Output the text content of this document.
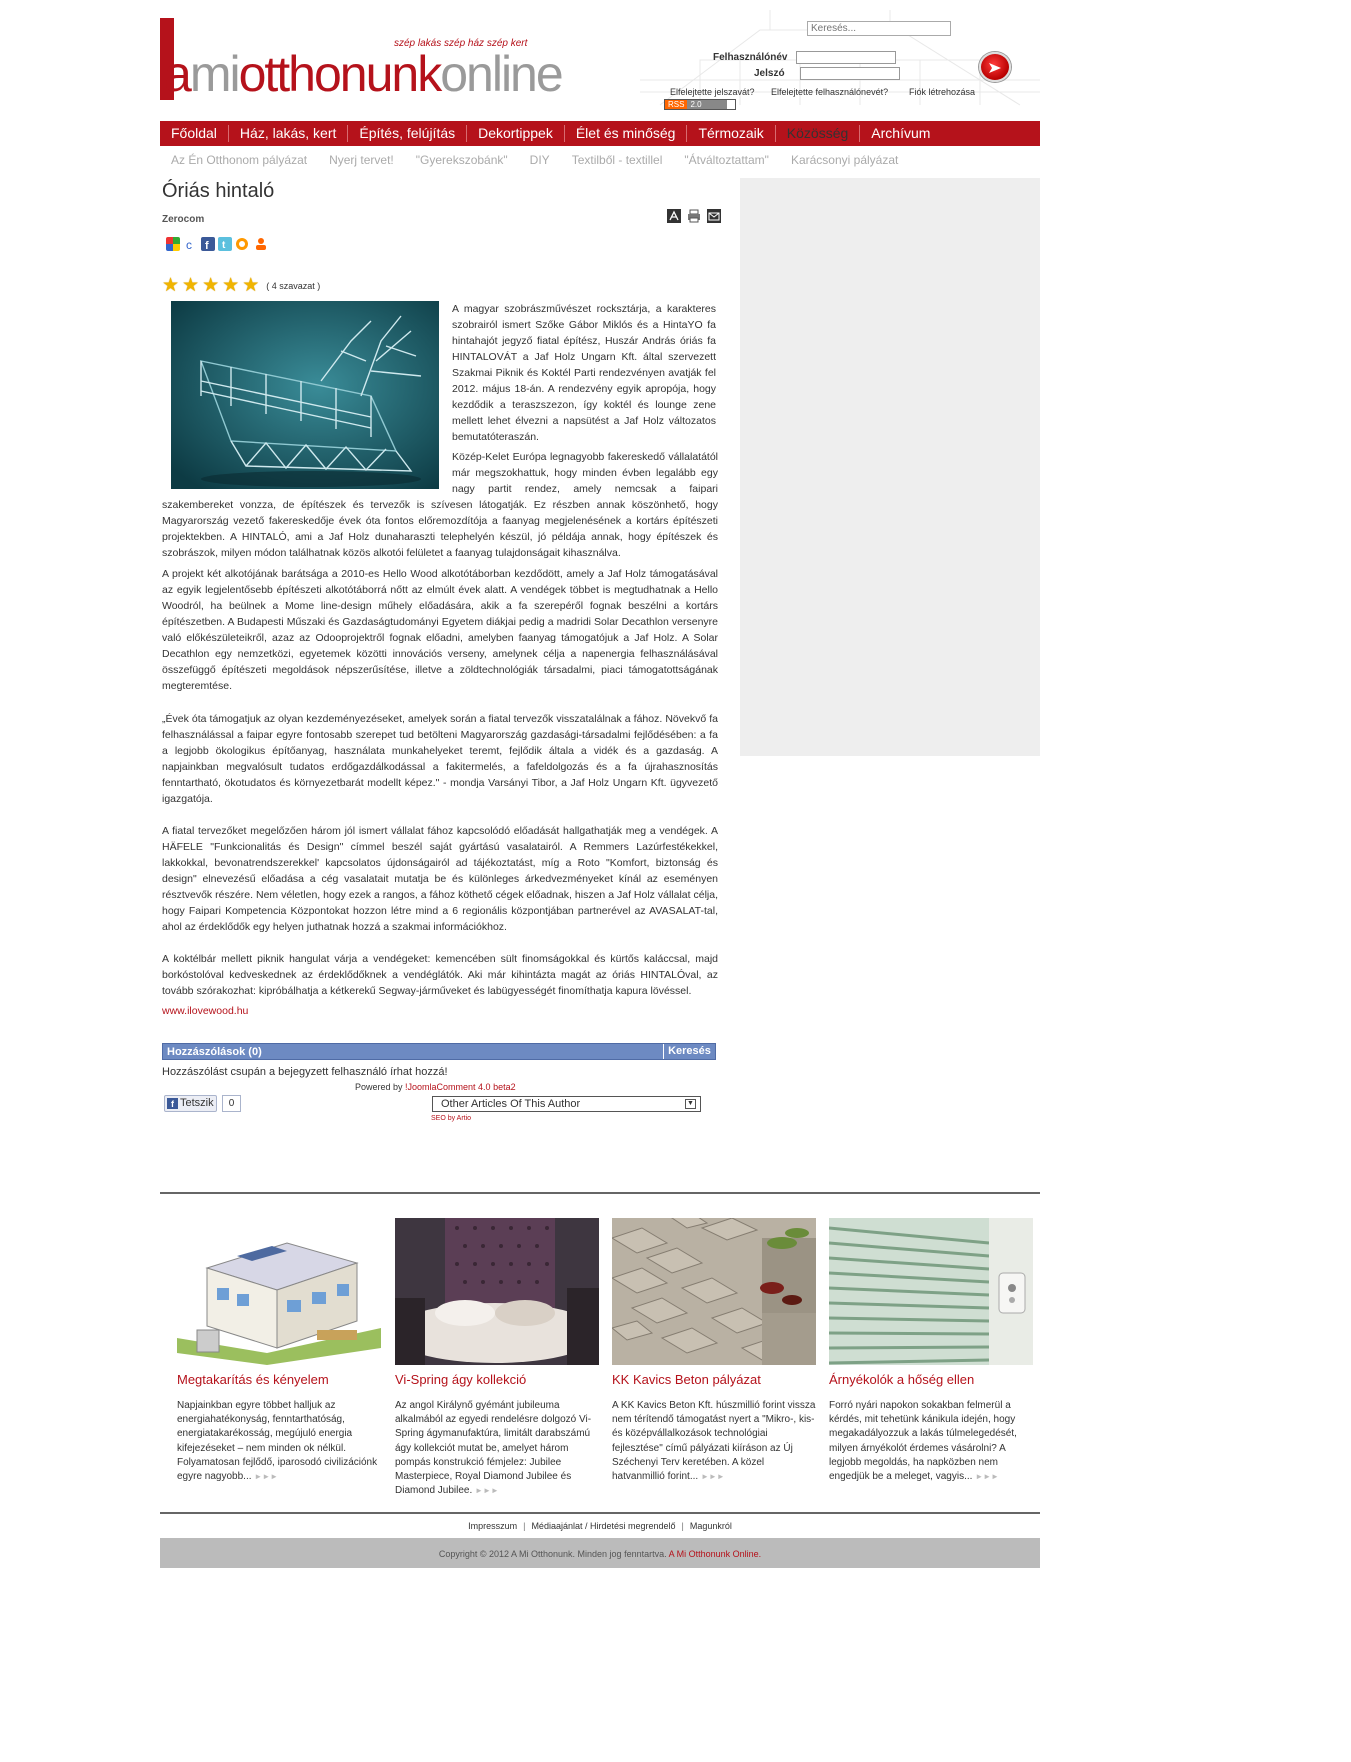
szép lakás szép ház szép kert
amiotthonunkonline
Keresés...	Felhasználónév
Jelszó
Elfelejtette jelszavát? Elfelejtette felhasználónevét? Fiók létrehozása
RSS 2.0
Főoldal	Ház, lakás, kert	Építés, felújítás	Dekortippek	Élet és minőség	Térmozaik	Közösség	Archívum
Az Én Otthonom pályázat	Nyerj tervet!	"Gyerekszobánk"	DIY	Textilből - textillel	"Átváltoztattam"	Karácsonyi pályázat
Óriás hintaló
Zerocom
c f t
★ ★ ★ ★ ★ ( 4 szavazat )

A magyar szobrászművészet rocksztárja, a karakteres szobrairól ismert Szőke Gábor Miklós és a HintaYO fa hintahajót jegyző fiatal építész, Huszár András óriás fa HINTALOVÁT a Jaf Holz Ungarn Kft. által szervezett Szakmai Piknik és Koktél Parti rendezvényen avatják fel 2012. május 18-án. A rendezvény egyik apropója, hogy kezdődik a teraszszezon, így koktél és lounge zene mellett lehet élvezni a napsütést a Jaf Holz változatos bemutatóteraszán.

Közép-Kelet Európa legnagyobb fakereskedő vállalatától már megszokhattuk, hogy minden évben legalább egy nagy partit rendez, amely nemcsak a faipari szakembereket vonzza, de építészek és tervezők is szívesen látogatják. Ez részben annak köszönhető, hogy Magyarország vezető fakereskedője évek óta fontos előremozdítója a faanyag megjelenésének a kortárs építészeti projektekben. A HINTALÓ, ami a Jaf Holz dunaharaszti telephelyén készül, jó példája annak, hogy építészek és szobrászok, milyen módon találhatnak közös alkotói felületet a faanyag tulajdonságait kihasználva.

A projekt két alkotójának barátsága a 2010-es Hello Wood alkotótáborban kezdődött, amely a Jaf Holz támogatásával az egyik legjelentősebb építészeti alkotótáborrá nőtt az elmúlt évek alatt. A vendégek többet is megtudhatnak a Hello Woodról, ha beülnek a Mome line-design műhely előadására, akik a fa szerepéről fognak beszélni a kortárs építészetben. A Budapesti Műszaki és Gazdaságtudományi Egyetem diákjai pedig a madridi Solar Decathlon versenyre való előkészületeikről, azaz az Odooprojektről fognak előadni, amelyben faanyag támogatójuk a Jaf Holz. A Solar Decathlon egy nemzetközi, egyetemek közötti innovációs verseny, amelynek célja a napenergia felhasználásával összefüggő építészeti megoldások népszerűsítése, illetve a zöldtechnológiák társadalmi, piaci támogatottságának megteremtése.

„Évek óta támogatjuk az olyan kezdeményezéseket, amelyek során a fiatal tervezők visszatalálnak a fához. Növekvő fa felhasználással a faipar egyre fontosabb szerepet tud betölteni Magyarország gazdasági-társadalmi fejlődésében: a fa a legjobb ökologikus építőanyag, használata munkahelyeket teremt, fejlődik általa a vidék és a gazdaság. A napjainkban megvalósult tudatos erdőgazdálkodással a fakitermelés, a fafeldolgozás és a fa újrahasznosítás fenntartható, ökotudatos és környezetbarát modellt képez." - mondja Varsányi Tibor, a Jaf Holz Ungarn Kft. ügyvezető igazgatója.

A fiatal tervezőket megelőzően három jól ismert vállalat fához kapcsolódó előadását hallgathatják meg a vendégek. A HÄFELE "Funkcionalitás és Design" címmel beszél saját gyártású vasalatairól. A Remmers Lazúrfestékekkel, lakkokkal, bevonatrendszerekkel' kapcsolatos újdonságairól ad tájékoztatást, míg a Roto "Komfort, biztonság és design" elnevezésű előadása a cég vasalatait mutatja be és különleges árkedvezményeket kínál az eseményen résztvevők részére. Nem véletlen, hogy ezek a rangos, a fához köthető cégek előadnak, hiszen a Jaf Holz vállalat célja, hogy Faipari Kompetencia Központokat hozzon létre mind a 6 regionális központjában partnerével az AVASALAT-tal, ahol az érdeklődők egy helyen juthatnak hozzá a szakmai információkhoz.

A koktélbár mellett piknik hangulat várja a vendégeket: kemencében sült finomságokkal és kürtős kaláccsal, majd borkóstolóval kedveskednek az érdeklődőknek a vendéglátók. Aki már kihintázta magát az óriás HINTALÓval, az tovább szórakozhat: kipróbálhatja a kétkerekű Segway-járműveket és labügyességét finomíthatja kapura lövéssel.

www.ilovewood.hu
Hozzászólások (0)	Keresés
Hozzászólást csupán a bejegyzett felhasználó írhat hozzá!
Powered by !JoomlaComment 4.0 beta2
f Tetszik	0	Other Articles Of This Author	▼
SEO by Artio
Megtakarítás és kényelem
Napjainkban egyre többet halljuk az energiahatékonyság, fenntarthatóság, energiatakarékosság, megújuló energia kifejezéseket – nem minden ok nélkül. Folyamatosan fejlődő, iparosodó civilizációnk egyre nagyobb... ►►►
Vi-Spring ágy kollekció
Az angol Királynő gyémánt jubileuma alkalmából az egyedi rendelésre dolgozó Vi-Spring ágymanufaktúra, limitált darabszámú ágy kollekciót mutat be, amelyet három pompás konstrukció fémjelez: Jubilee Masterpiece, Royal Diamond Jubilee és Diamond Jubilee. ►►►
KK Kavics Beton pályázat
A KK Kavics Beton Kft. húszmillió forint vissza nem térítendő támogatást nyert a "Mikro-, kis- és középvállalkozások technológiai fejlesztése" című pályázati kiíráson az Új Széchenyi Terv keretében. A közel hatvanmillió forint... ►►►
Árnyékolók a hőség ellen
Forró nyári napokon sokakban felmerül a kérdés, mit tehetünk kánikula idején, hogy megakadályozzuk a lakás túlmelegedését, milyen árnyékolót érdemes vásárolni? A legjobb megoldás, ha napközben nem engedjük be a meleget, vagyis... ►►►
Impresszum | Médiaajánlat / Hirdetési megrendelő | Magunkról
Copyright © 2012 A Mi Otthonunk. Minden jog fenntartva. A Mi Otthonunk Online.
